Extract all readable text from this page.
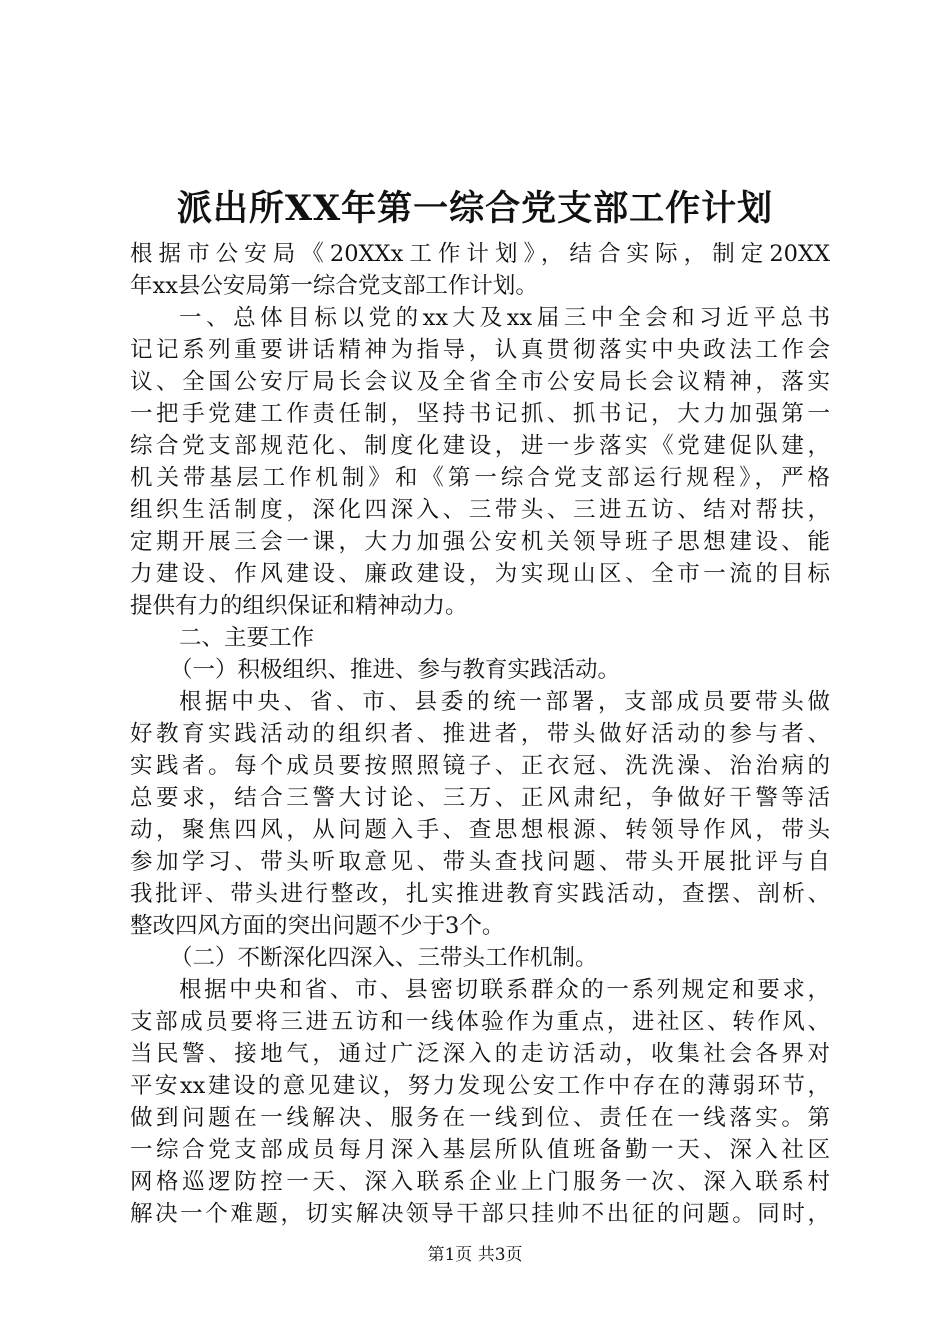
派出所XX年第一综合党支部工作计划
根据市公安局《20XXx工作计划》，结合实际，制定20XX
年xx县公安局第一综合党支部工作计划。
一、总体目标以党的xx大及xx届三中全会和习近平总书
记记系列重要讲话精神为指导，认真贯彻落实中央政法工作会
议、全国公安厅局长会议及全省全市公安局长会议精神，落实
一把手党建工作责任制，坚持书记抓、抓书记，大力加强第一
综合党支部规范化、制度化建设，进一步落实《党建促队建，
机关带基层工作机制》和《第一综合党支部运行规程》，严格
组织生活制度，深化四深入、三带头、三进五访、结对帮扶，
定期开展三会一课，大力加强公安机关领导班子思想建设、能
力建设、作风建设、廉政建设，为实现山区、全市一流的目标
提供有力的组织保证和精神动力。
二、主要工作
（一）积极组织、推进、参与教育实践活动。
根据中央、省、市、县委的统一部署，支部成员要带头做
好教育实践活动的组织者、推进者，带头做好活动的参与者、
实践者。每个成员要按照照镜子、正衣冠、洗洗澡、治治病的
总要求，结合三警大讨论、三万、正风肃纪，争做好干警等活
动，聚焦四风，从问题入手、查思想根源、转领导作风，带头
参加学习、带头听取意见、带头查找问题、带头开展批评与自
我批评、带头进行整改，扎实推进教育实践活动，查摆、剖析、
整改四风方面的突出问题不少于3个。
（二）不断深化四深入、三带头工作机制。
根据中央和省、市、县密切联系群众的一系列规定和要求，
支部成员要将三进五访和一线体验作为重点，进社区、转作风、
当民警、接地气，通过广泛深入的走访活动，收集社会各界对
平安xx建设的意见建议，努力发现公安工作中存在的薄弱环节，
做到问题在一线解决、服务在一线到位、责任在一线落实。第
一综合党支部成员每月深入基层所队值班备勤一天、深入社区
网格巡逻防控一天、深入联系企业上门服务一次、深入联系村
解决一个难题，切实解决领导干部只挂帅不出征的问题。同时，
第1页 共3页
